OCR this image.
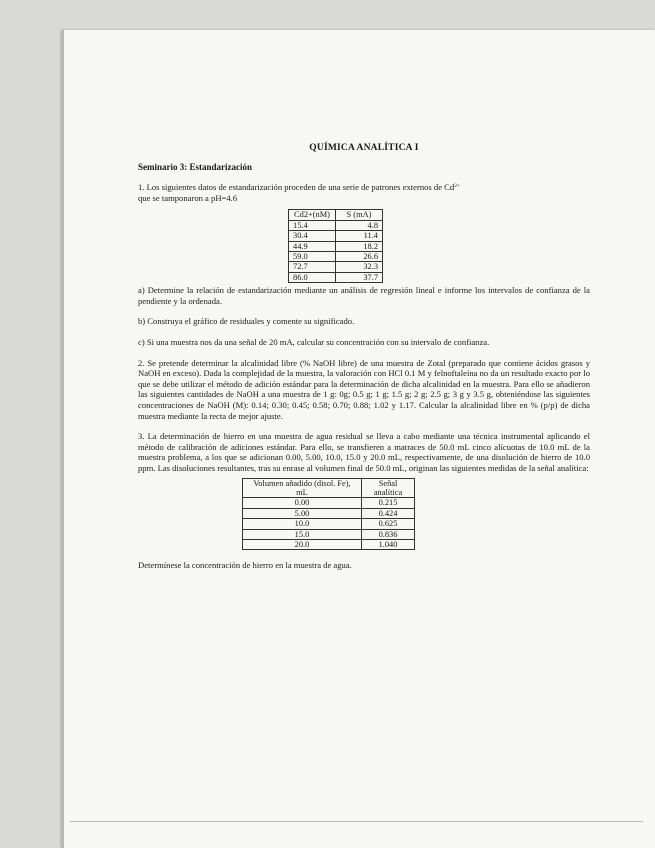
QUÍMICA ANALÍTICA I
Seminario 3: Estandarización

1. Los siguientes datos de estandarización proceden de una serie de patrones externos de $Cd^{2+}$
que se tamponaron a pH=4.6

Cd2+(nM)	S (mA)
15.4	4.8
30.4	11.4
44.9	18.2
59.0	26.6
72.7	32.3
86.0	37.7

a) Determine la relación de estandarización mediante un análisis de regresión lineal e informe los intervalos de confianza de la pendiente y la ordenada.

b) Construya el gráfico de residuales y comente su significado.

c) Si una muestra nos da una señal de 20 mA, calcular su concentración con su intervalo de confianza.

2. Se pretende determinar la alcalinidad libre (% NaOH libre) de una muestra de Zotal (preparado que contiene ácidos grasos y NaOH en exceso). Dada la complejidad de la muestra, la valoración con HCl 0.1 M y felnoftaleína no da un resultado exacto por lo que se debe utilizar el método de adición estándar para la determinación de dicha alcalinidad en la muestra. Para ello se añadieron las siguientes cantidades de NaOH a una muestra de 1 g: 0g; 0.5 g; 1 g; 1.5 g; 2 g; 2.5 g; 3 g y 3.5 g, obteniéndose las siguientes concentraciones de NaOH (M): 0.14; 0.30; 0.45; 0.58; 0.70; 0.88; 1.02 y 1.17. Calcular la alcalinidad libre en % (p/p) de dicha muestra mediante la recta de mejor ajuste.

3. La determinación de hierro en una muestra de agua residual se lleva a cabo mediante una técnica instrumental aplicando el método de calibración de adiciones estándar. Para ello, se transfieren a matraces de 50.0 mL cinco alícuotas de 10.0 mL de la muestra problema, a los que se adicionan 0.00, 5.00, 10.0, 15.0 y 20.0 mL, respectivamente, de una disolución de hierro de 10.0 ppm. Las disoluciones resultantes, tras su enrase al volumen final de 50.0 mL, originan las siguientes medidas de la señal analítica:

Volumen añadido (disol. Fe), mL	Señal analítica
0.00	0.215
5.00	0.424
10.0	0.625
15.0	0.836
20.0	1.040

Determínese la concentración de hierro en la muestra de agua.
